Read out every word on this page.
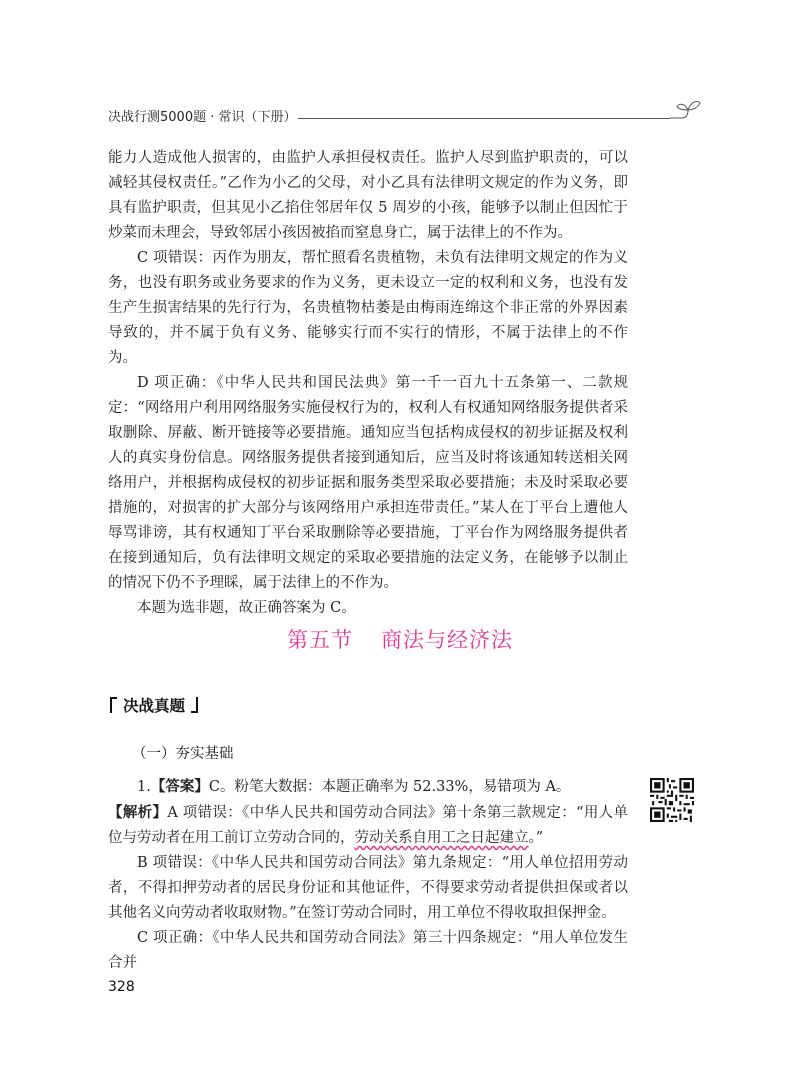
决战行测5000题 · 常识（下册）

能力人造成他人损害的，由监护人承担侵权责任。监护人尽到监护职责的，可以减轻其侵权责任。”乙作为小乙的父母，对小乙具有法律明文规定的作为义务，即具有监护职责，但其见小乙掐住邻居年仅 5 周岁的小孩，能够予以制止但因忙于炒菜而未理会，导致邻居小孩因被掐而窒息身亡，属于法律上的不作为。

C 项错误：丙作为朋友，帮忙照看名贵植物，未负有法律明文规定的作为义务，也没有职务或业务要求的作为义务，更未设立一定的权利和义务，也没有发生产生损害结果的先行行为，名贵植物枯萎是由梅雨连绵这个非正常的外界因素导致的，并不属于负有义务、能够实行而不实行的情形，不属于法律上的不作为。

D 项正确：《中华人民共和国民法典》第一千一百九十五条第一、二款规定：“网络用户利用网络服务实施侵权行为的，权利人有权通知网络服务提供者采取删除、屏蔽、断开链接等必要措施。通知应当包括构成侵权的初步证据及权利人的真实身份信息。网络服务提供者接到通知后，应当及时将该通知转送相关网络用户，并根据构成侵权的初步证据和服务类型采取必要措施；未及时采取必要措施的，对损害的扩大部分与该网络用户承担连带责任。”某人在丁平台上遭他人辱骂诽谤，其有权通知丁平台采取删除等必要措施，丁平台作为网络服务提供者在接到通知后，负有法律明文规定的采取必要措施的法定义务，在能够予以制止的情况下仍不予理睬，属于法律上的不作为。

本题为选非题，故正确答案为 C。

第五节 商法与经济法
决战真题
（一）夯实基础

1.【答案】C。粉笔大数据：本题正确率为 52.33%，易错项为 A。

【解析】A 项错误：《中华人民共和国劳动合同法》第十条第三款规定：“用人单位与劳动者在用工前订立劳动合同的，劳动关系自用工之日起建立。”

B 项错误：《中华人民共和国劳动合同法》第九条规定：“用人单位招用劳动者，不得扣押劳动者的居民身份证和其他证件，不得要求劳动者提供担保或者以其他名义向劳动者收取财物。”在签订劳动合同时，用工单位不得收取担保押金。

C 项正确：《中华人民共和国劳动合同法》第三十四条规定：“用人单位发生合并

328
